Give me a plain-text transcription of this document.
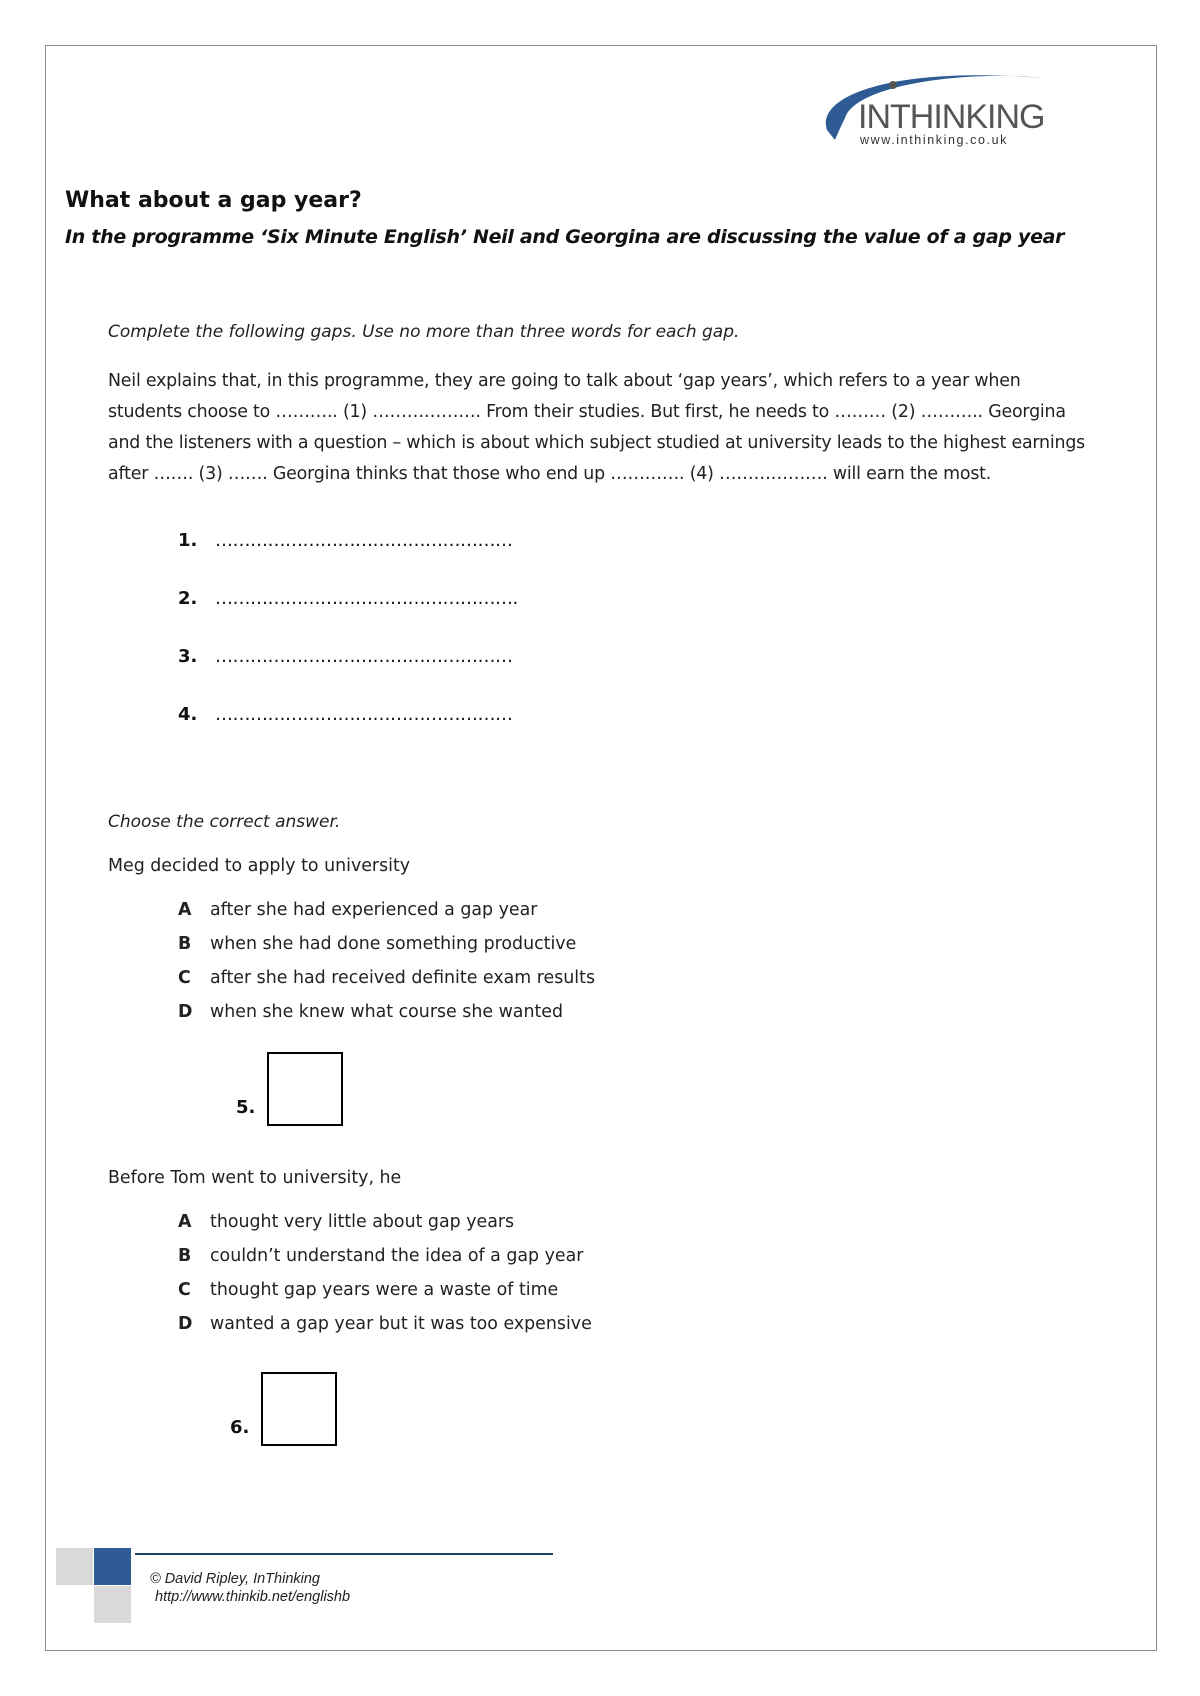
INTHINKING
www.inthinking.co.uk
What about a gap year?

In the programme ‘Six Minute English’ Neil and Georgina are discussing the value of a gap year

Complete the following gaps. Use no more than three words for each gap.

Neil explains that, in this programme, they are going to talk about ‘gap years’, which refers to a year when students choose to ……….. (1) ………………. From their studies. But first, he needs to ……… (2) ……….. Georgina and the listeners with a question – which is about which subject studied at university leads to the highest earnings after ……. (3) ……. Georgina thinks that those who end up …………. (4) ………………. will earn the most.

1. ……………………………………………
2. …………………………………………….
3. ……………………………………………
4. ……………………………………………

Choose the correct answer.

Meg decided to apply to university

A	after she had experienced a gap year
B	when she had done something productive
C	after she had received definite exam results
D	when she knew what course she wanted
5.

Before Tom went to university, he

A	thought very little about gap years
B	couldn’t understand the idea of a gap year
C	thought gap years were a waste of time
D	wanted a gap year but it was too expensive
6.
© David Ripley, InThinking
http://www.thinkib.net/englishb
